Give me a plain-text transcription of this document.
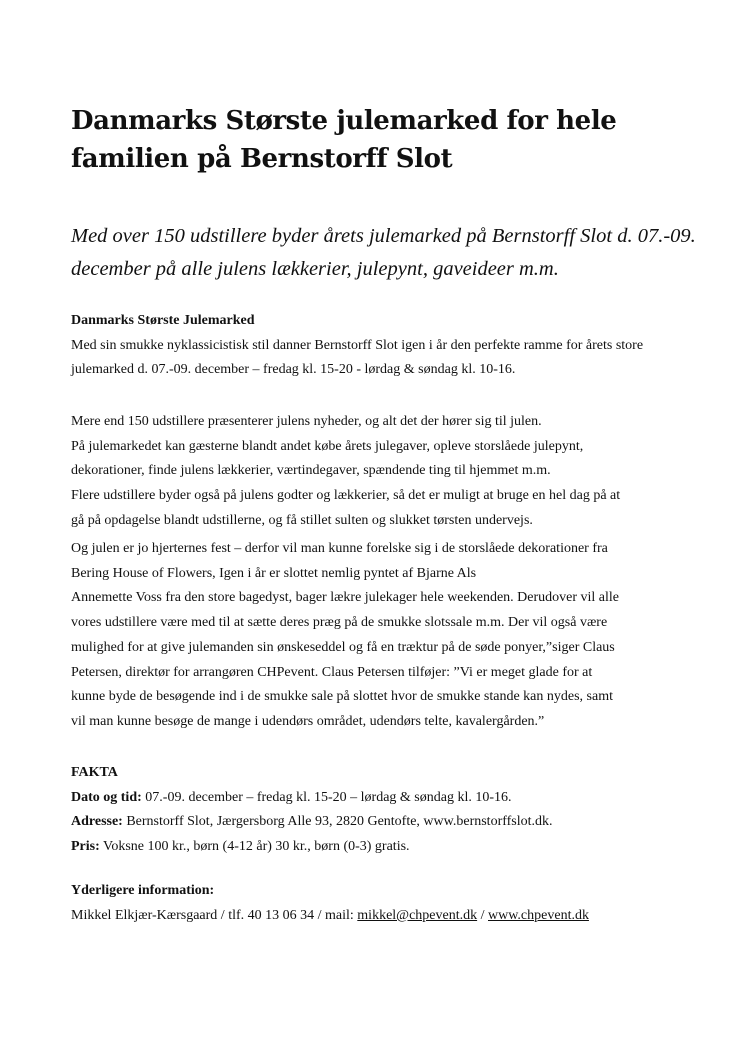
Danmarks Største julemarked for hele familien på Bernstorff Slot

Med over 150 udstillere byder årets julemarked på Bernstorff Slot d. 07.-09. december på alle julens lækkerier, julepynt, gaveideer m.m.

Danmarks Største Julemarked
Med sin smukke nyklassicistisk stil danner Bernstorff Slot igen i år den perfekte ramme for årets store
julemarked d. 07.-09. december – fredag kl. 15-20 - lørdag & søndag kl. 10-16.
Mere end 150 udstillere præsenterer julens nyheder, og alt det der hører sig til julen.
På julemarkedet kan gæsterne blandt andet købe årets julegaver, opleve storslåede julepynt,
dekorationer, finde julens lækkerier, værtindegaver, spændende ting til hjemmet m.m.
Flere udstillere byder også på julens godter og lækkerier, så det er muligt at bruge en hel dag på at
gå på opdagelse blandt udstillerne, og få stillet sulten og slukket tørsten undervejs.
Og julen er jo hjerternes fest – derfor vil man kunne forelske sig i de storslåede dekorationer fra
Bering House of Flowers, Igen i år er slottet nemlig pyntet af Bjarne Als
Annemette Voss fra den store bagedyst, bager lækre julekager hele weekenden. Derudover vil alle
vores udstillere være med til at sætte deres præg på de smukke slotssale m.m. Der vil også være
mulighed for at give julemanden sin ønskeseddel og få en træktur på de søde ponyer,”siger Claus
Petersen, direktør for arrangøren CHPevent. Claus Petersen tilføjer: ”Vi er meget glade for at
kunne byde de besøgende ind i de smukke sale på slottet hvor de smukke stande kan nydes, samt
vil man kunne besøge de mange i udendørs området, udendørs telte, kavalergården.”
FAKTA
Dato og tid: 07.-09. december – fredag kl. 15-20 – lørdag & søndag kl. 10-16.
Adresse: Bernstorff Slot, Jærgersborg Alle 93, 2820 Gentofte, www.bernstorffslot.dk.
Pris: Voksne 100 kr., børn (4-12 år) 30 kr., børn (0-3) gratis.
Yderligere information:
Mikkel Elkjær-Kærsgaard / tlf. 40 13 06 34 / mail: mikkel@chpevent.dk / www.chpevent.dk
